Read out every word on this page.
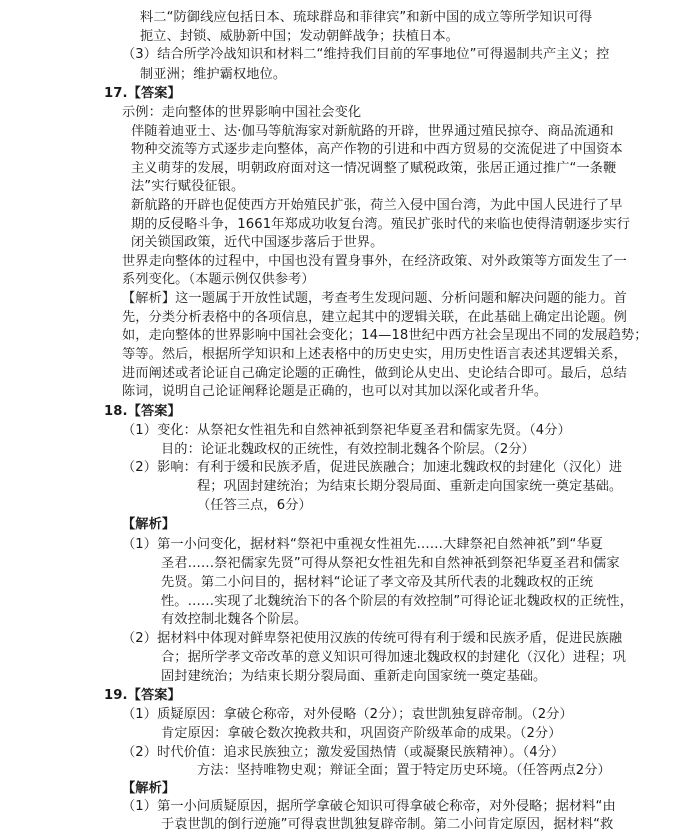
料二“防御线应包括日本、琉球群岛和菲律宾”和新中国的成立等所学知识可得
扼立、封锁、威胁新中国；发动朝鲜战争；扶植日本。
（3）结合所学冷战知识和材料二“维持我们目前的军事地位”可得遏制共产主义；控
制亚洲；维护霸权地位。
17.【答案】
示例：走向整体的世界影响中国社会变化
伴随着迪亚士、达·伽马等航海家对新航路的开辟，世界通过殖民掠夺、商品流通和
物种交流等方式逐步走向整体，高产作物的引进和中西方贸易的交流促进了中国资本
主义萌芽的发展，明朝政府面对这一情况调整了赋税政策，张居正通过推广“一条鞭
法”实行赋役征银。
新航路的开辟也促使西方开始殖民扩张，荷兰入侵中国台湾，为此中国人民进行了早
期的反侵略斗争，1661年郑成功收复台湾。殖民扩张时代的来临也使得清朝逐步实行
闭关锁国政策，近代中国逐步落后于世界。
世界走向整体的过程中，中国也没有置身事外，在经济政策、对外政策等方面发生了一
系列变化。（本题示例仅供参考）
【解析】这一题属于开放性试题，考查考生发现问题、分析问题和解决问题的能力。首
先，分类分析表格中的各项信息，建立起其中的逻辑关联，在此基础上确定出论题。例
如，走向整体的世界影响中国社会变化；14—18世纪中西方社会呈现出不同的发展趋势；
等等。然后，根据所学知识和上述表格中的历史史实，用历史性语言表述其逻辑关系，
进而阐述或者论证自己确定论题的正确性，做到论从史出、史论结合即可。最后，总结
陈词，说明自己论证阐释论题是正确的，也可以对其加以深化或者升华。
18.【答案】
（1）变化：从祭祀女性祖先和自然神祇到祭祀华夏圣君和儒家先贤。（4分）
目的：论证北魏政权的正统性，有效控制北魏各个阶层。（2分）
（2）影响：有利于缓和民族矛盾，促进民族融合；加速北魏政权的封建化（汉化）进
程；巩固封建统治；为结束长期分裂局面、重新走向国家统一奠定基础。
（任答三点，6分）
【解析】
（1）第一小问变化，据材料“祭祀中重视女性祖先……大肆祭祀自然神祇”到“华夏
圣君……祭祀儒家先贤”可得从祭祀女性祖先和自然神祇到祭祀华夏圣君和儒家
先贤。第二小问目的，据材料“论证了孝文帝及其所代表的北魏政权的正统
性。……实现了北魏统治下的各个阶层的有效控制”可得论证北魏政权的正统性，
有效控制北魏各个阶层。
（2）据材料中体现对鲜卑祭祀使用汉族的传统可得有利于缓和民族矛盾，促进民族融
合；据所学孝文帝改革的意义知识可得加速北魏政权的封建化（汉化）进程；巩
固封建统治；为结束长期分裂局面、重新走向国家统一奠定基础。
19.【答案】
（1）质疑原因：拿破仑称帝，对外侵略（2分）；袁世凯独复辟帝制。（2分）
肯定原因：拿破仑数次挽救共和，巩固资产阶级革命的成果。（2分）
（2）时代价值：追求民族独立；激发爱国热情（或凝聚民族精神）。（4分）
方法：坚持唯物史观；辩证全面；置于特定历史环境。（任答两点2分）
【解析】
（1）第一小问质疑原因，据所学拿破仑知识可得拿破仑称帝，对外侵略；据材料“由
于袁世凯的倒行逆施”可得袁世凯独复辟帝制。第二小问肯定原因，据材料“救
